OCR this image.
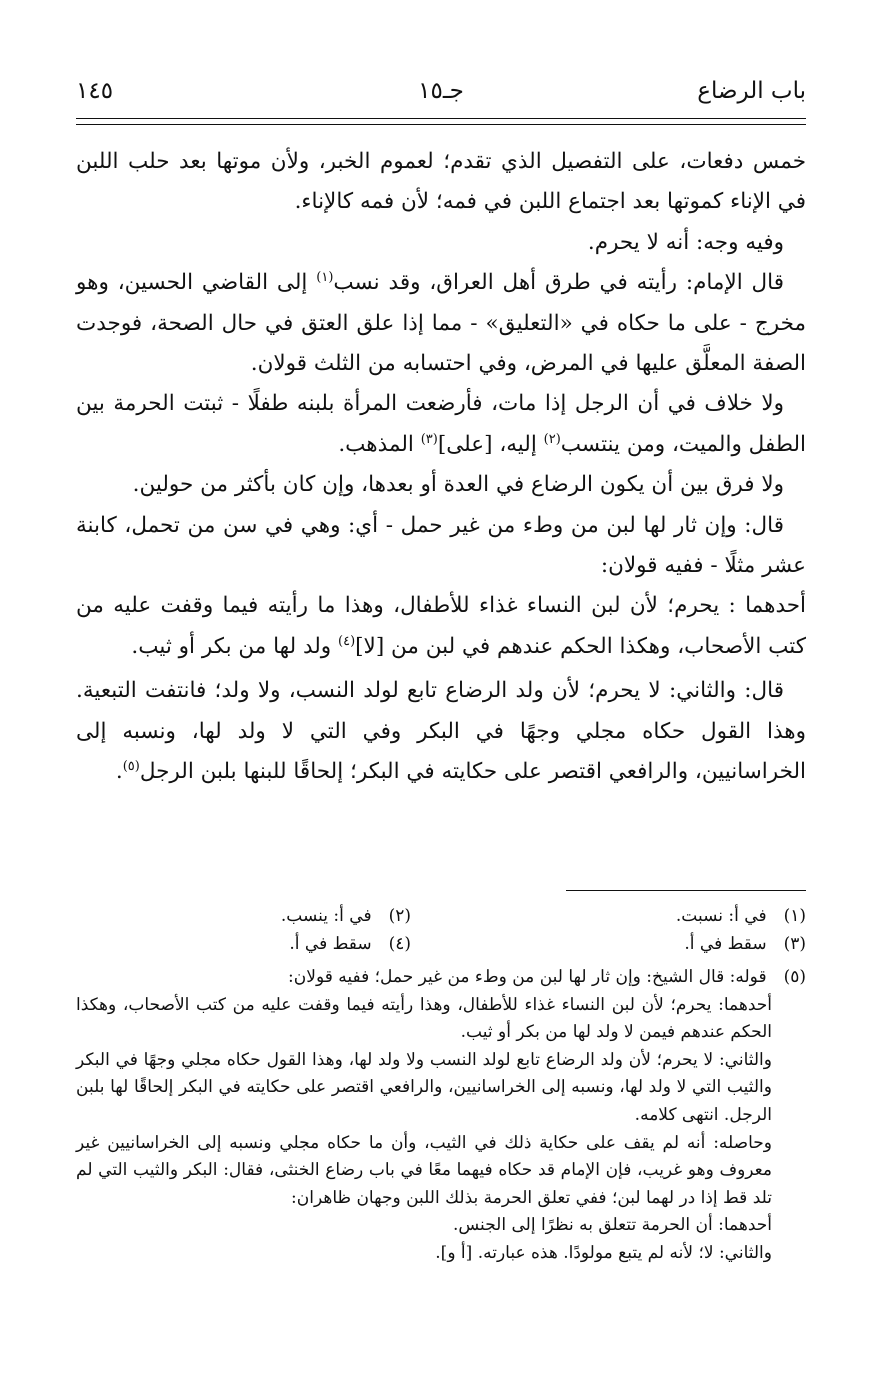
باب الرضاع
جـ١٥
١٤٥

خمس دفعات، على التفصيل الذي تقدم؛ لعموم الخبر، ولأن موتها بعد حلب اللبن في الإناء كموتها بعد اجتماع اللبن في فمه؛ لأن فمه كالإناء.

وفيه وجه: أنه لا يحرم.

قال الإمام: رأيته في طرق أهل العراق، وقد نسب$^{(١)}$ إلى القاضي الحسين، وهو مخرج - على ما حكاه في «التعليق» - مما إذا علق العتق في حال الصحة، فوجدت الصفة المعلَّق عليها في المرض، وفي احتسابه من الثلث قولان.

ولا خلاف في أن الرجل إذا مات، فأرضعت المرأة بلبنه طفلًا - ثبتت الحرمة بين الطفل والميت، ومن ينتسب$^{(٢)}$ إليه، [على]$^{(٣)}$ المذهب.

ولا فرق بين أن يكون الرضاع في العدة أو بعدها، وإن كان بأكثر من حولين.

قال: وإن ثار لها لبن من وطء من غير حمل - أي: وهي في سن من تحمل، كابنة عشر مثلًا - ففيه قولان:

أحدهما : يحرم؛ لأن لبن النساء غذاء للأطفال، وهذا ما رأيته فيما وقفت عليه من كتب الأصحاب، وهكذا الحكم عندهم في لبن من [لا]$^{(٤)}$ ولد لها من بكر أو ثيب.

قال: والثاني: لا يحرم؛ لأن ولد الرضاع تابع لولد النسب، ولا ولد؛ فانتفت التبعية. وهذا القول حكاه مجلي وجهًا في البكر وفي التي لا ولد لها، ونسبه إلى الخراسانيين، والرافعي اقتصر على حكايته في البكر؛ إلحاقًا للبنها بلبن الرجل$^{(٥)}$.

(١) في أ: نسبت.
(٢) في أ: ينسب.
(٣) سقط في أ.
(٤) سقط في أ.

(٥) قوله: قال الشيخ: وإن ثار لها لبن من وطء من غير حمل؛ ففيه قولان:

أحدهما: يحرم؛ لأن لبن النساء غذاء للأطفال، وهذا رأيته فيما وقفت عليه من كتب الأصحاب، وهكذا الحكم عندهم فيمن لا ولد لها من بكر أو ثيب.

والثاني: لا يحرم؛ لأن ولد الرضاع تابع لولد النسب ولا ولد لها، وهذا القول حكاه مجلي وجهًا في البكر والثيب التي لا ولد لها، ونسبه إلى الخراسانيين، والرافعي اقتصر على حكايته في البكر إلحاقًا لها بلبن الرجل. انتهى كلامه.

وحاصله: أنه لم يقف على حكاية ذلك في الثيب، وأن ما حكاه مجلي ونسبه إلى الخراسانيين غير معروف وهو غريب، فإن الإمام قد حكاه فيهما معًا في باب رضاع الخنثى، فقال: البكر والثيب التي لم تلد قط إذا در لهما لبن؛ ففي تعلق الحرمة بذلك اللبن وجهان ظاهران:

أحدهما: أن الحرمة تتعلق به نظرًا إلى الجنس.

والثاني: لا؛ لأنه لم يتبع مولودًا. هذه عبارته. [أ و].
